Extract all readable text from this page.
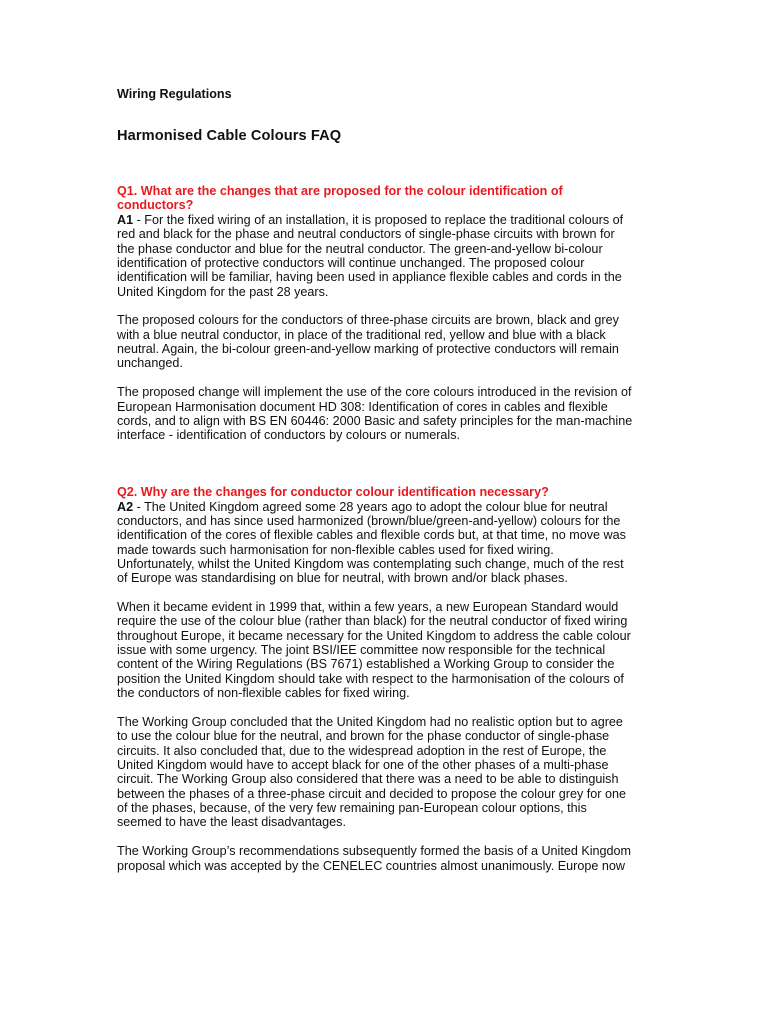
Wiring Regulations
Harmonised Cable Colours FAQ
Q1. What are the changes that are proposed for the colour identification of conductors?

A1 - For the fixed wiring of an installation, it is proposed to replace the traditional colours of red and black for the phase and neutral conductors of single-phase circuits with brown for the phase conductor and blue for the neutral conductor. The green-and-yellow bi-colour identification of protective conductors will continue unchanged. The proposed colour identification will be familiar, having been used in appliance flexible cables and cords in the United Kingdom for the past 28 years.

The proposed colours for the conductors of three-phase circuits are brown, black and grey with a blue neutral conductor, in place of the traditional red, yellow and blue with a black neutral. Again, the bi-colour green-and-yellow marking of protective conductors will remain unchanged.

The proposed change will implement the use of the core colours introduced in the revision of European Harmonisation document HD 308: Identification of cores in cables and flexible cords, and to align with BS EN 60446: 2000 Basic and safety principles for the man-machine interface - identification of conductors by colours or numerals.

Q2. Why are the changes for conductor colour identification necessary?

A2 - The United Kingdom agreed some 28 years ago to adopt the colour blue for neutral conductors, and has since used harmonized (brown/blue/green-and-yellow) colours for the identification of the cores of flexible cables and flexible cords but, at that time, no move was made towards such harmonisation for non-flexible cables used for fixed wiring. Unfortunately, whilst the United Kingdom was contemplating such change, much of the rest of Europe was standardising on blue for neutral, with brown and/or black phases.

When it became evident in 1999 that, within a few years, a new European Standard would require the use of the colour blue (rather than black) for the neutral conductor of fixed wiring throughout Europe, it became necessary for the United Kingdom to address the cable colour issue with some urgency. The joint BSI/IEE committee now responsible for the technical content of the Wiring Regulations (BS 7671) established a Working Group to consider the position the United Kingdom should take with respect to the harmonisation of the colours of the conductors of non-flexible cables for fixed wiring.

The Working Group concluded that the United Kingdom had no realistic option but to agree to use the colour blue for the neutral, and brown for the phase conductor of single-phase circuits. It also concluded that, due to the widespread adoption in the rest of Europe, the United Kingdom would have to accept black for one of the other phases of a multi-phase circuit. The Working Group also considered that there was a need to be able to distinguish between the phases of a three-phase circuit and decided to propose the colour grey for one of the phases, because, of the very few remaining pan-European colour options, this seemed to have the least disadvantages.

The Working Group’s recommendations subsequently formed the basis of a United Kingdom proposal which was accepted by the CENELEC countries almost unanimously. Europe now
